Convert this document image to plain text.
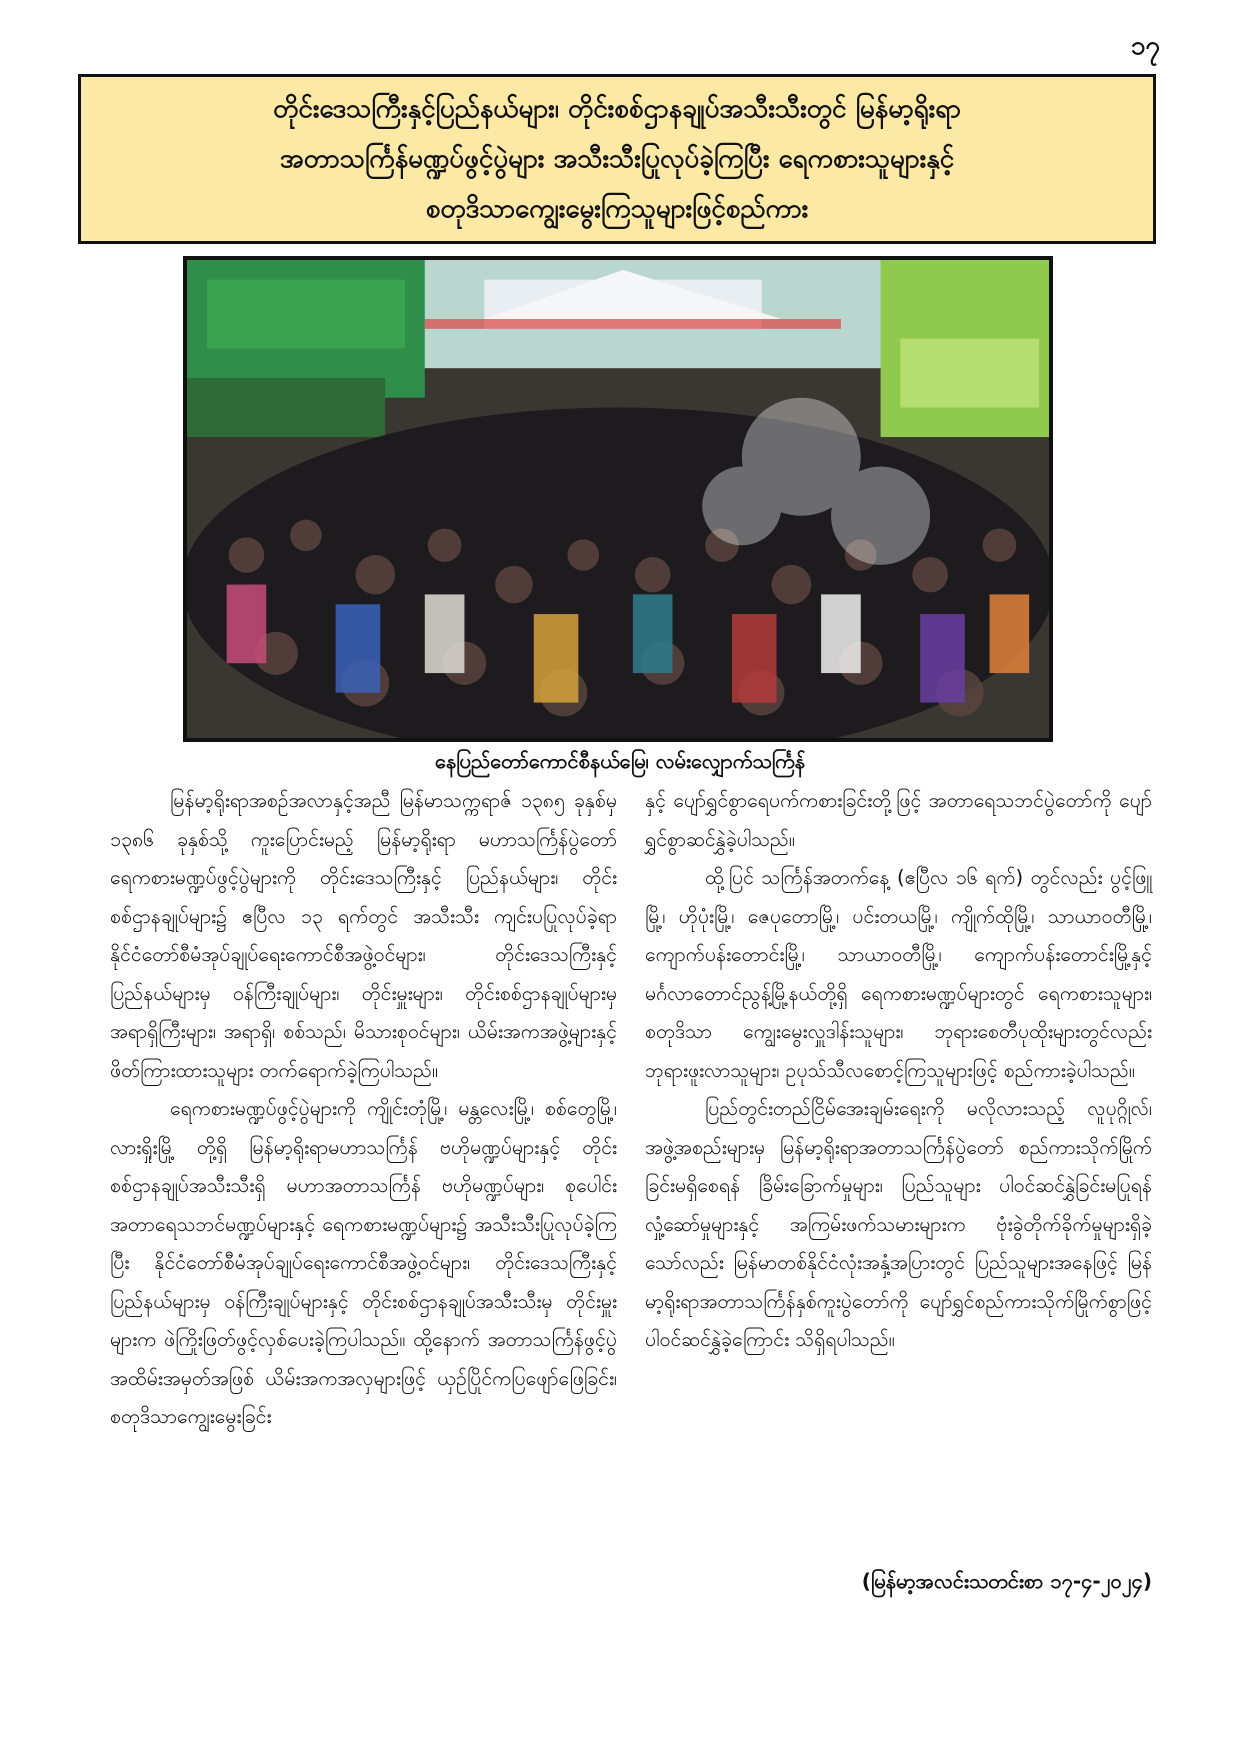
၁၇
တိုင်းဒေသကြီးနှင့်ပြည်နယ်များ၊ တိုင်းစစ်ဌာနချုပ်အသီးသီးတွင် မြန်မာ့ရိုးရာ
အတာသင်္ကြန်မဏ္ဍပ်ဖွင့်ပွဲများ အသီးသီးပြုလုပ်ခဲ့ကြပြီး ရေကစားသူများနှင့်
စတုဒိသာကျွေးမွေးကြသူများဖြင့်စည်ကား
နေပြည်တော်ကောင်စီနယ်မြေ၊ လမ်းလျှောက်သင်္ကြန်

မြန်မာ့ရိုးရာအစဉ်အလာနှင့်အညီ မြန်မာသက္ကရာဇ် ၁၃၈၅ ခုနှစ်မှ ၁၃၈၆ ခုနှစ်သို့ ကူးပြောင်းမည့် မြန်မာ့ရိုးရာ မဟာသင်္ကြန်ပွဲတော် ရေကစားမဏ္ဍပ်ဖွင့်ပွဲများကို တိုင်းဒေသကြီးနှင့် ပြည်နယ်များ၊ တိုင်းစစ်ဌာနချုပ်များ၌ ဧပြီလ ၁၃ ရက်တွင် အသီးသီး ကျင်းပပြုလုပ်ခဲ့ရာ နိုင်ငံတော်စီမံအုပ်ချုပ်ရေးကောင်စီအဖွဲ့ဝင်များ၊ တိုင်းဒေသကြီးနှင့် ပြည်နယ်များမှ ဝန်ကြီးချုပ်များ၊ တိုင်းမှူးများ၊ တိုင်းစစ်ဌာနချုပ်များမှ အရာရှိကြီးများ၊ အရာရှိ၊ စစ်သည်၊ မိသားစုဝင်များ၊ ယိမ်းအကအဖွဲ့များနှင့် ဖိတ်ကြားထားသူများ တက်ရောက်ခဲ့ကြပါသည်။

ရေကစားမဏ္ဍပ်ဖွင့်ပွဲများကို ကျိုင်းတုံမြို့၊ မန္တလေးမြို့၊ စစ်တွေမြို့၊ လားရှိုးမြို့ တို့ရှိ မြန်မာ့ရိုးရာမဟာသင်္ကြန် ဗဟိုမဏ္ဍပ်များနှင့် တိုင်းစစ်ဌာနချုပ်အသီးသီးရှိ မဟာအတာသင်္ကြန် ဗဟိုမဏ္ဍပ်များ၊ စုပေါင်းအတာရေသဘင်မဏ္ဍပ်များနှင့် ရေကစားမဏ္ဍပ်များ၌ အသီးသီးပြုလုပ်ခဲ့ကြပြီး နိုင်ငံတော်စီမံအုပ်ချုပ်ရေးကောင်စီအဖွဲ့ဝင်များ၊ တိုင်းဒေသကြီးနှင့် ပြည်နယ်များမှ ဝန်ကြီးချုပ်များနှင့် တိုင်းစစ်ဌာနချုပ်အသီးသီးမှ တိုင်းမှူးများက ဖဲကြိုးဖြတ်ဖွင့်လှစ်ပေးခဲ့ကြပါသည်။ ထို့နောက် အတာသင်္ကြန်ဖွင့်ပွဲ အထိမ်းအမှတ်အဖြစ် ယိမ်းအကအလှများဖြင့် ယှဉ်ပြိုင်ကပြဖျော်ဖြေခြင်း၊ စတုဒိသာကျွေးမွေးခြင်း

နှင့် ပျော်ရွှင်စွာရေပက်ကစားခြင်းတို့ဖြင့် အတာရေသဘင်ပွဲတော်ကို ပျော်ရွှင်စွာဆင်နွှဲခဲ့ပါသည်။

ထို့ပြင် သင်္ကြန်အတက်နေ့ (ဧပြီလ ၁၆ ရက်) တွင်လည်း ပွင့်ဖြူမြို့၊ ဟိုပုံးမြို့၊ ဇေပုတောမြို့၊ ပင်းတယမြို့၊ ကျိုက်ထိုမြို့၊ သာယာဝတီမြို့၊ ကျောက်ပန်းတောင်းမြို့၊ သာယာဝတီမြို့၊ ကျောက်ပန်းတောင်းမြို့နှင့် မင်္ဂလာတောင်ညွန့်မြို့နယ်တို့ရှိ ရေကစားမဏ္ဍပ်များတွင် ရေကစားသူများ၊ စတုဒိသာ ကျွေးမွေးလှူဒါန်းသူများ၊ ဘုရားစေတီပုထိုးများတွင်လည်း ဘုရားဖူးလာသူများ၊ ဥပုသ်သီလစောင့်ကြသူများဖြင့် စည်ကားခဲ့ပါသည်။

ပြည်တွင်းတည်ငြိမ်အေးချမ်းရေးကို မလိုလားသည့် လူပုဂ္ဂိုလ်၊ အဖွဲ့အစည်းများမှ မြန်မာ့ရိုးရာအတာသင်္ကြန်ပွဲတော် စည်ကားသိုက်မြိုက်ခြင်းမရှိစေရန် ခြိမ်းခြောက်မှုများ၊ ပြည်သူများ ပါဝင်ဆင်နွှဲခြင်းမပြုရန် လှုံ့ဆော်မှုများနှင့် အကြမ်းဖက်သမားများက ဗုံးခွဲတိုက်ခိုက်မှုများရှိခဲ့သော်လည်း မြန်မာတစ်နိုင်ငံလုံးအနှံ့အပြားတွင် ပြည်သူများအနေဖြင့် မြန်မာ့ရိုးရာအတာသင်္ကြန်နှစ်ကူးပွဲတော်ကို ပျော်ရွှင်စည်ကားသိုက်မြိုက်စွာဖြင့် ပါဝင်ဆင်နွှဲခဲ့ကြောင်း သိရှိရပါသည်။

(မြန်မာ့အလင်းသတင်းစာ ၁၇-၄-၂၀၂၄)
